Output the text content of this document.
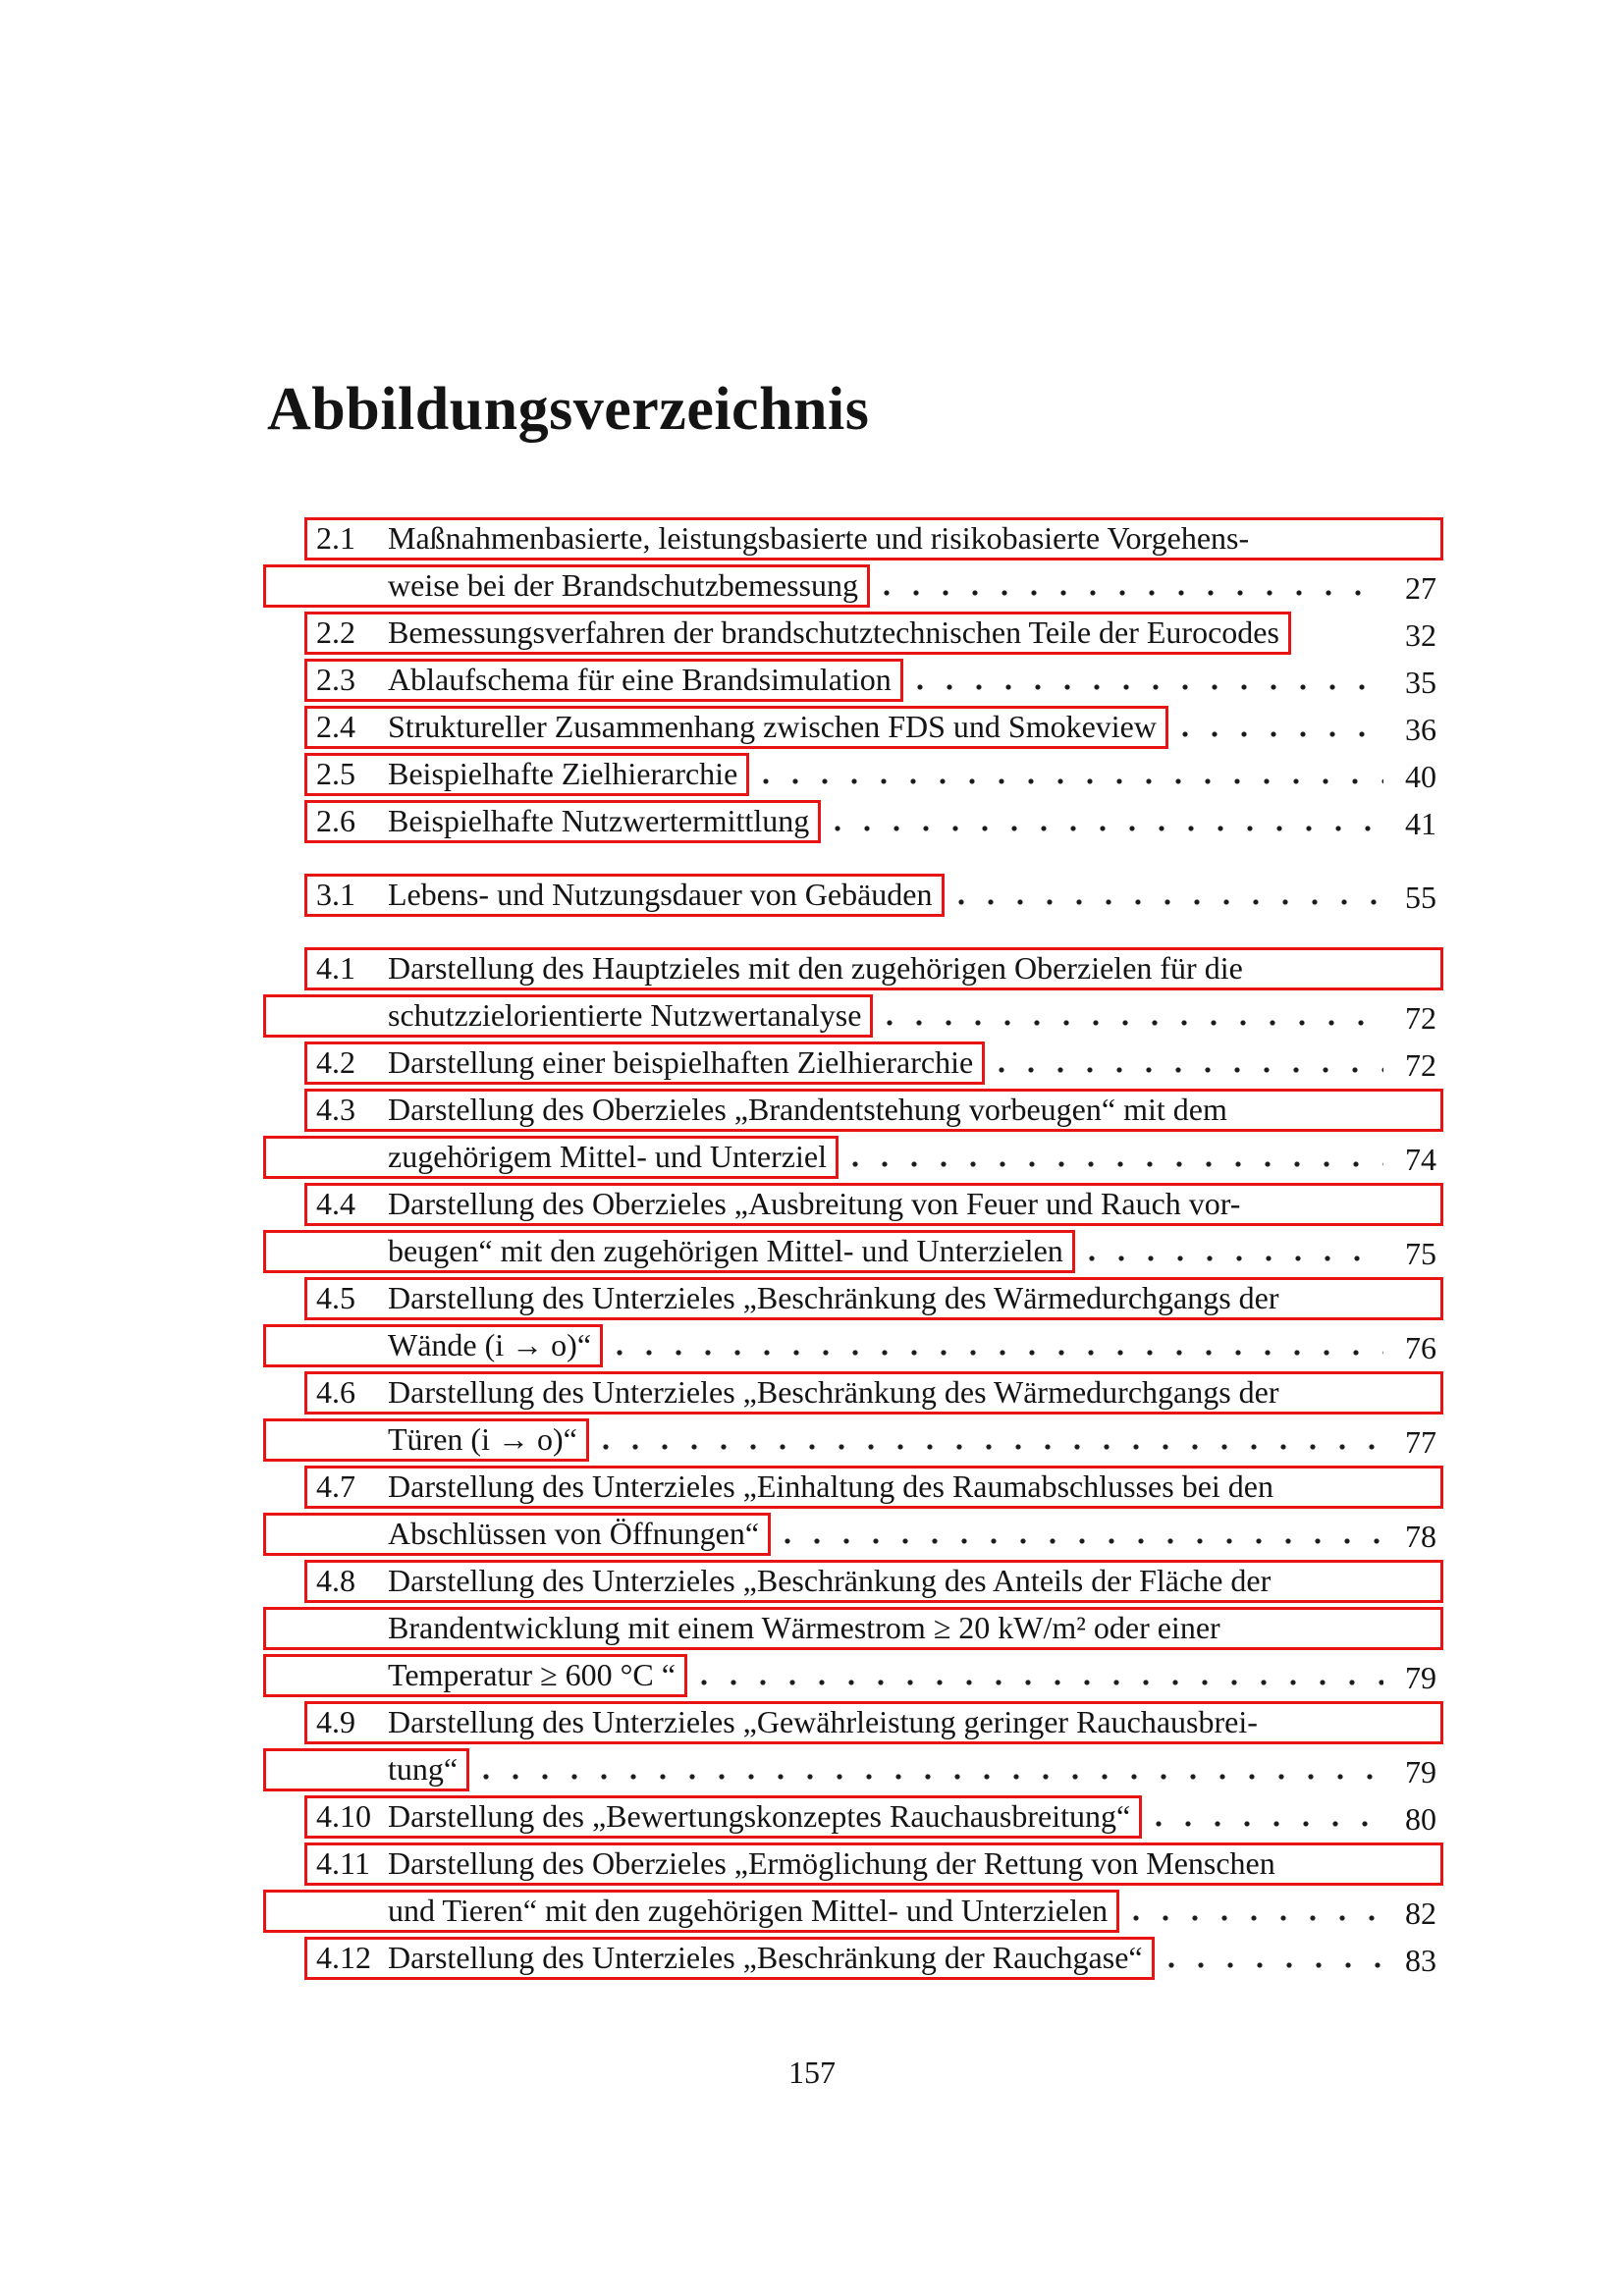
Abbildungsverzeichnis
2.1	Maßnahmenbasierte, leistungsbasierte und risikobasierte Vorgehens-
weise bei der Brandschutzbemessung	27
2.2	Bemessungsverfahren der brandschutztechnischen Teile der Eurocodes	32
2.3	Ablaufschema für eine Brandsimulation	35
2.4	Struktureller Zusammenhang zwischen FDS und Smokeview	36
2.5	Beispielhafte Zielhierarchie	40
2.6	Beispielhafte Nutzwertermittlung	41
3.1	Lebens- und Nutzungsdauer von Gebäuden	55
4.1	Darstellung des Hauptzieles mit den zugehörigen Oberzielen für die
schutzzielorientierte Nutzwertanalyse	72
4.2	Darstellung einer beispielhaften Zielhierarchie	72
4.3	Darstellung des Oberzieles „Brandentstehung vorbeugen“ mit dem
zugehörigem Mittel- und Unterziel	74
4.4	Darstellung des Oberzieles „Ausbreitung von Feuer und Rauch vor-
beugen“ mit den zugehörigen Mittel- und Unterzielen	75
4.5	Darstellung des Unterzieles „Beschränkung des Wärmedurchgangs der
Wände (i → o)“	76
4.6	Darstellung des Unterzieles „Beschränkung des Wärmedurchgangs der
Türen (i → o)“	77
4.7	Darstellung des Unterzieles „Einhaltung des Raumabschlusses bei den
Abschlüssen von Öffnungen“	78
4.8	Darstellung des Unterzieles „Beschränkung des Anteils der Fläche der
Brandentwicklung mit einem Wärmestrom ≥ 20 kW/m² oder einer
Temperatur ≥ 600 °C “	79
4.9	Darstellung des Unterzieles „Gewährleistung geringer Rauchausbrei-
tung“	79
4.10 Darstellung des „Bewertungskonzeptes Rauchausbreitung“	80
4.11 Darstellung des Oberzieles „Ermöglichung der Rettung von Menschen
und Tieren“ mit den zugehörigen Mittel- und Unterzielen	82
4.12 Darstellung des Unterzieles „Beschränkung der Rauchgase“	83
157
